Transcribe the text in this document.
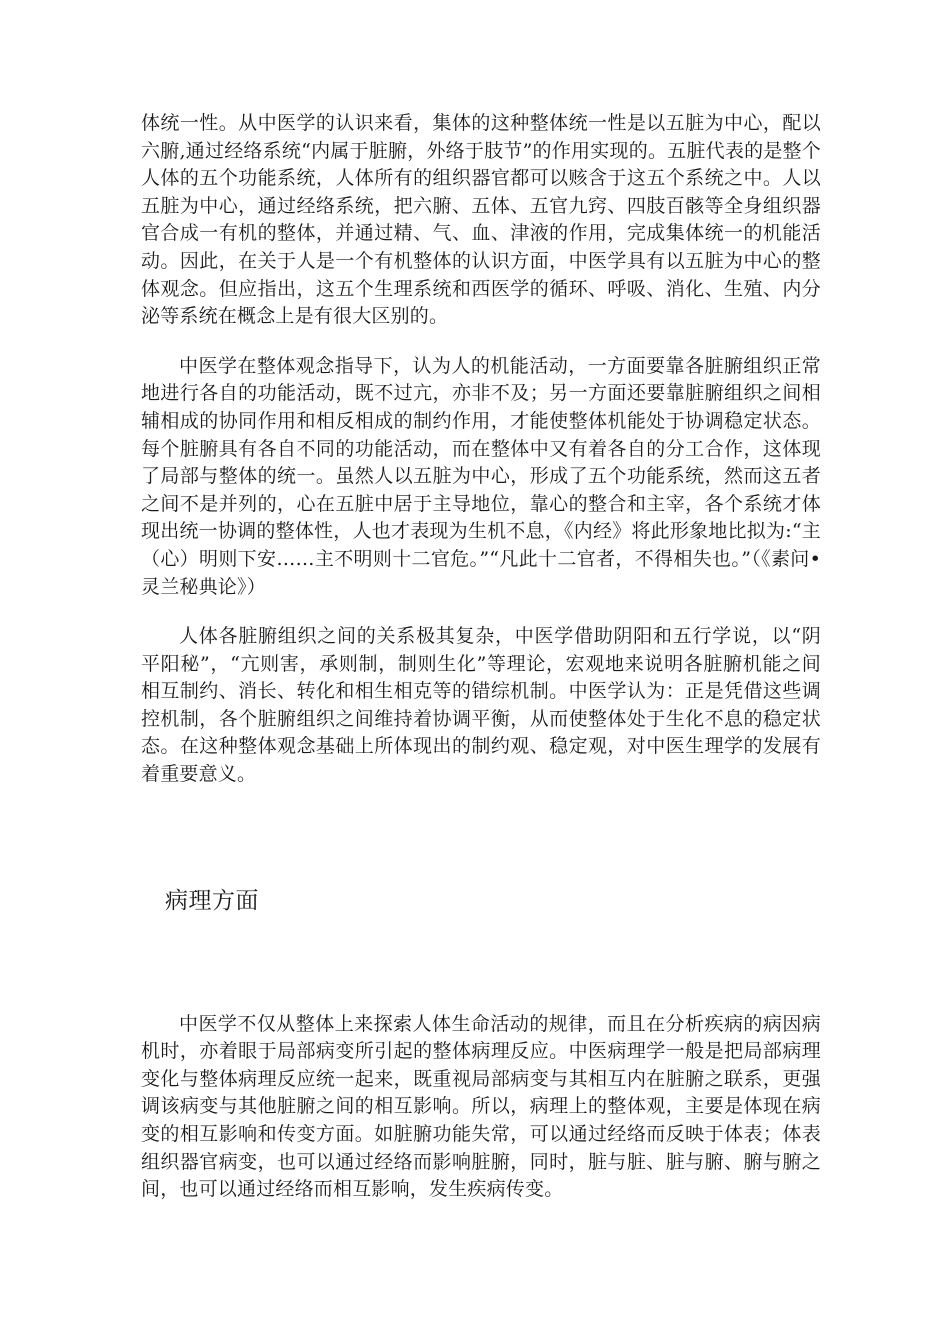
体统一性。从中医学的认识来看，集体的这种整体统一性是以五脏为中心，配以六腑,通过经络系统“内属于脏腑，外络于肢节”的作用实现的。五脏代表的是整个人体的五个功能系统，人体所有的组织器官都可以赅含于这五个系统之中。人以五脏为中心，通过经络系统，把六腑、五体、五官九窍、四肢百骸等全身组织器官合成一有机的整体，并通过精、气、血、津液的作用，完成集体统一的机能活动。因此，在关于人是一个有机整体的认识方面，中医学具有以五脏为中心的整体观念。但应指出，这五个生理系统和西医学的循环、呼吸、消化、生殖、内分泌等系统在概念上是有很大区别的。

中医学在整体观念指导下，认为人的机能活动，一方面要靠各脏腑组织正常地进行各自的功能活动，既不过亢，亦非不及；另一方面还要靠脏腑组织之间相辅相成的协同作用和相反相成的制约作用，才能使整体机能处于协调稳定状态。每个脏腑具有各自不同的功能活动，而在整体中又有着各自的分工合作，这体现了局部与整体的统一。虽然人以五脏为中心，形成了五个功能系统，然而这五者之间不是并列的，心在五脏中居于主导地位，靠心的整合和主宰，各个系统才体现出统一协调的整体性，人也才表现为生机不息，《内经》将此形象地比拟为:“主（心）明则下安……主不明则十二官危。”“凡此十二官者，不得相失也。”（《素问•灵兰秘典论》）

人体各脏腑组织之间的关系极其复杂，中医学借助阴阳和五行学说，以“阴平阳秘”，“亢则害，承则制，制则生化”等理论，宏观地来说明各脏腑机能之间相互制约、消长、转化和相生相克等的错综机制。中医学认为：正是凭借这些调控机制，各个脏腑组织之间维持着协调平衡，从而使整体处于生化不息的稳定状态。在这种整体观念基础上所体现出的制约观、稳定观，对中医生理学的发展有着重要意义。

病理方面

中医学不仅从整体上来探索人体生命活动的规律，而且在分析疾病的病因病机时，亦着眼于局部病变所引起的整体病理反应。中医病理学一般是把局部病理变化与整体病理反应统一起来，既重视局部病变与其相互内在脏腑之联系，更强调该病变与其他脏腑之间的相互影响。所以，病理上的整体观，主要是体现在病变的相互影响和传变方面。如脏腑功能失常，可以通过经络而反映于体表；体表组织器官病变，也可以通过经络而影响脏腑，同时，脏与脏、脏与腑、腑与腑之间，也可以通过经络而相互影响，发生疾病传变。
